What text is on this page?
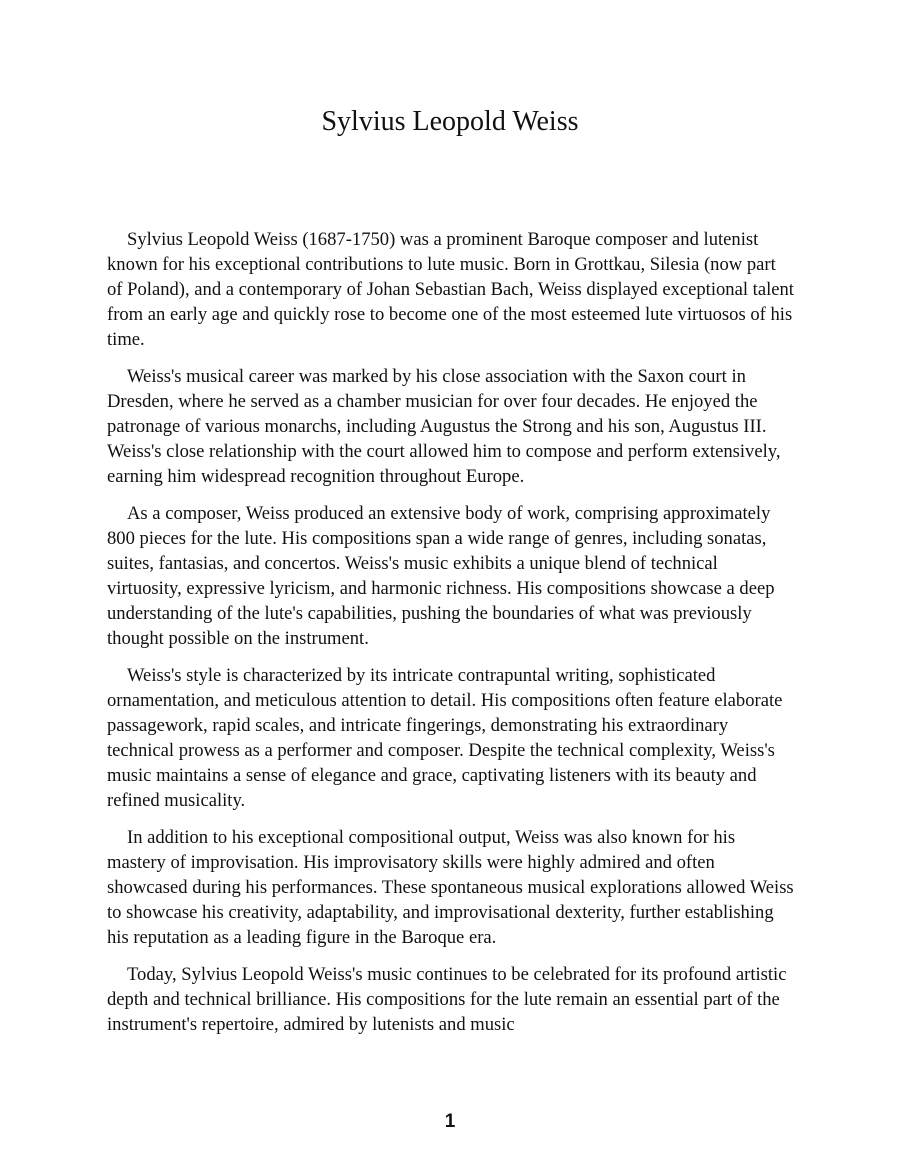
Sylvius Leopold Weiss

Sylvius Leopold Weiss (1687-1750) was a prominent Baroque composer and lutenist known for his exceptional contributions to lute music. Born in Grottkau, Silesia (now part of Poland), and a contemporary of Johan Sebastian Bach, Weiss displayed exceptional talent from an early age and quickly rose to become one of the most esteemed lute virtuosos of his time.

Weiss's musical career was marked by his close association with the Saxon court in Dresden, where he served as a chamber musician for over four decades. He enjoyed the patronage of various monarchs, including Augustus the Strong and his son, Augustus III. Weiss's close relationship with the court allowed him to compose and perform extensively, earning him widespread recognition throughout Europe.

As a composer, Weiss produced an extensive body of work, comprising approximately 800 pieces for the lute. His compositions span a wide range of genres, including sonatas, suites, fantasias, and concertos. Weiss's music exhibits a unique blend of technical virtuosity, expressive lyricism, and harmonic richness. His compositions showcase a deep understanding of the lute's capabilities, pushing the boundaries of what was previously thought possible on the instrument.

Weiss's style is characterized by its intricate contrapuntal writing, sophisticated ornamentation, and meticulous attention to detail. His compositions often feature elaborate passagework, rapid scales, and intricate fingerings, demonstrating his extraordinary technical prowess as a performer and composer. Despite the technical complexity, Weiss's music maintains a sense of elegance and grace, captivating listeners with its beauty and refined musicality.

In addition to his exceptional compositional output, Weiss was also known for his mastery of improvisation. His improvisatory skills were highly admired and often showcased during his performances. These spontaneous musical explorations allowed Weiss to showcase his creativity, adaptability, and improvisational dexterity, further establishing his reputation as a leading figure in the Baroque era.

Today, Sylvius Leopold Weiss's music continues to be celebrated for its profound artistic depth and technical brilliance. His compositions for the lute remain an essential part of the instrument's repertoire, admired by lutenists and music

1
